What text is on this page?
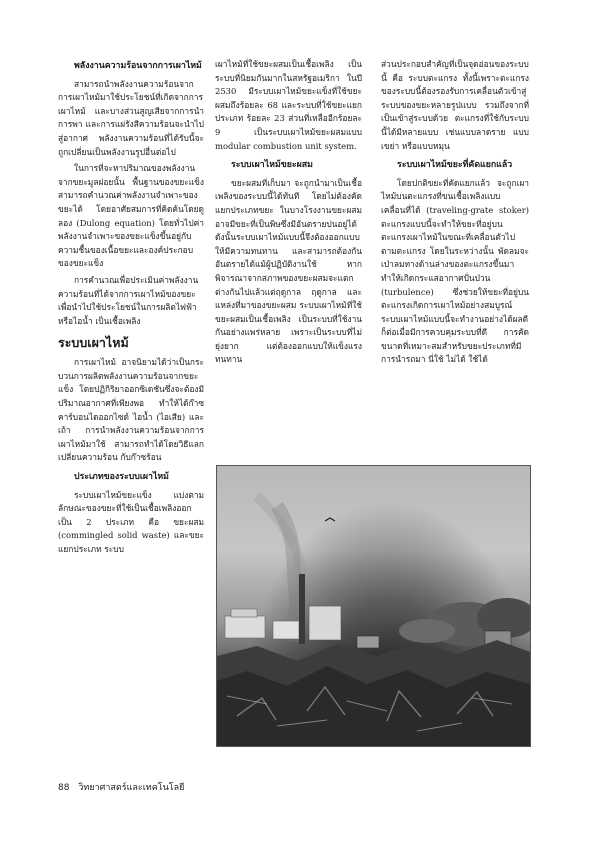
พลังงานความร้อนจากการเผาไหม้

สามารถนำพลังงานความร้อนจากการเผาไหม้มาใช้ประโยชน์ที่เกิดจากการเผาไหม้ และบางส่วนสูญเสียจากการนำ การพา และการแผ่รังสีความร้อนจะนำไปสู่อากาศ พลังงานความร้อนที่ได้รับนี้จะถูกเปลี่ยนเป็นพลังงานรูปอื่นต่อไป

ในการที่จะหาปริมาณของพลังงานจากขยะมูลฝอยนั้น พื้นฐานของขยะแข็ง สามารถคำนวณค่าพลังงานจำเพาะของขยะได้ โดยอาศัยสมการที่คิดค้นโดยดูลอง (Dulong equation) โดยทั่วไปค่าพลังงานจำเพาะของขยะแข็งขึ้นอยู่กับความชื้นของเนื้อขยะและองค์ประกอบของขยะแข็ง

การคำนวณเพื่อประเมินค่าพลังงานความร้อนที่ได้จากการเผาไหม้ของขยะเพื่อนำไปใช้ประโยชน์ในการผลิตไฟฟ้าหรือไอน้ำ เป็นเชื้อเพลิง

ระบบเผาไหม้

การเผาไหม้ อาจนิยามได้ว่าเป็นกระบวนการผลิตพลังงานความร้อนจากขยะแข็ง โดยปฏิกิริยาออกซิเดชันซึ่งจะต้องมีปริมาณอากาศที่เพียงพอ ทำให้ได้ก๊าซคาร์บอนไดออกไซด์ ไอน้ำ (ไอเสีย) และเถ้า การนำพลังงานความร้อนจากการเผาไหม้มาใช้ สามารถทำได้โดยวิธีแลกเปลี่ยนความร้อน กับก๊าซร้อน

ประเภทของระบบเผาไหม้

ระบบเผาไหม้ขยะแข็ง แบ่งตามลักษณะของขยะที่ใช้เป็นเชื้อเพลิงออกเป็น 2 ประเภท คือ ขยะผสม (commingled solid waste) และขยะแยกประเภท ระบบ

เผาไหม้ที่ใช้ขยะผสมเป็นเชื้อเพลิง เป็นระบบที่นิยมกันมากในสหรัฐอเมริกา ในปี 2530 มีระบบเผาไหม้ขยะแข็งที่ใช้ขยะผสมถึงร้อยละ 68 และระบบที่ใช้ขยะแยกประเภท ร้อยละ 23 ส่วนที่เหลืออีกร้อยละ 9 เป็นระบบเผาไหม้ขยะผสมแบบ modular combustion unit system.

ระบบเผาไหม้ขยะผสม

ขยะผสมที่เก็บมา จะถูกนำมาเป็นเชื้อเพลิงของระบบนี้ได้ทันที โดยไม่ต้องคัดแยกประเภทขยะ ในบางโรงงานขยะผสมอาจมีขยะที่เป็นพิษซึ่งมีอันตรายปนอยู่ได้ ดังนั้นระบบเผาไหม้แบบนี้จึงต้องออกแบบให้มีความทนทาน และสามารถต้องกันอันตรายได้แม้ผู้ปฏิบัติงานใช้ หากพิจารณาจากสภาพของขยะผสมจะแตกต่างกันไปแล้วแต่ฤดูกาล ฤดูกาล และแหล่งที่มาของขยะผสม ระบบเผาไหม้ที่ใช้ขยะผสมเป็นเชื้อเพลิง เป็นระบบที่ใช้งานกันอย่างแพร่หลาย เพราะเป็นระบบที่ไม่ยุ่งยาก แต่ต้องออกแบบให้แข็งแรงทนทาน

ส่วนประกอบสำคัญที่เป็นจุดอ่อนของระบบนี้ คือ ระบบตะแกรง ทั้งนี้เพราะตะแกรงของระบบนี้ต้องรองรับการเคลื่อนตัวเข้าสู่ระบบของขยะหลายรูปแบบ รวมถึงจากที่เป็นเข้าสู่ระบบด้วย ตะแกรงที่ใช้กับระบบนี้ได้มีหลายแบบ เช่นแบบลาดราย แบบเขย่า หรือแบบหมุน

ระบบเผาไหม้ขยะที่คัดแยกแล้ว

โดยปกติขยะที่คัดแยกแล้ว จะถูกเผาไหม้บนตะแกรงที่ขนเชื้อเพลิงแบบเคลื่อนที่ได้ (traveling-grate stoker) ตะแกรงแบบนี้จะทำให้ขยะที่อยู่บนตะแกรงเผาไหม้ในขณะที่เคลื่อนตัวไปตามตะแกรง โดยในระหว่างนั้น พัดลมจะเป่าลมทางด้านล่างของตะแกรงขึ้นมา ทำให้เกิดกระแสอากาศปั่นป่วน (turbulence) ซึ่งช่วยให้ขยะที่อยู่บนตะแกรงเกิดการเผาไหม้อย่างสมบูรณ์ ระบบเผาไหม้แบบนี้จะทำงานอย่างได้ผลดีก็ต่อเมื่อมีการควบคุมระบบที่ดี การคัดขนาดที่เหมาะสมสำหรับขยะประเภทที่มีการนำรถมา นี่ใช้ ไม่ได้ ใช้ได้

88 วิทยาศาสตร์และเทคโนโลยี
